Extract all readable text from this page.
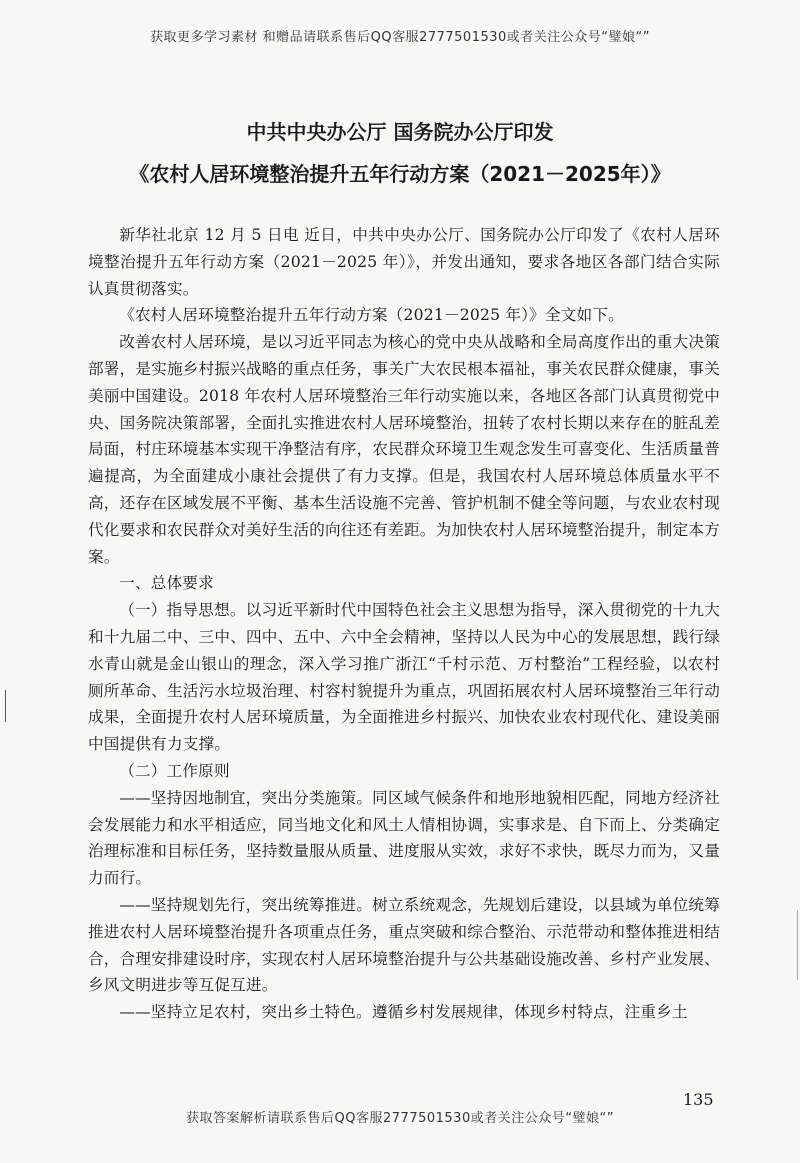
获取更多学习素材 和赠品请联系售后QQ客服2777501530或者关注公众号“璧娘“”
中共中央办公厅 国务院办公厅印发
《农村人居环境整治提升五年行动方案（2021－2025年）》

新华社北京 12 月 5 日电 近日，中共中央办公厅、国务院办公厅印发了《农村人居环境整治提升五年行动方案（2021－2025 年）》，并发出通知，要求各地区各部门结合实际认真贯彻落实。

《农村人居环境整治提升五年行动方案（2021－2025 年）》全文如下。

改善农村人居环境，是以习近平同志为核心的党中央从战略和全局高度作出的重大决策部署，是实施乡村振兴战略的重点任务，事关广大农民根本福祉，事关农民群众健康，事关美丽中国建设。2018 年农村人居环境整治三年行动实施以来，各地区各部门认真贯彻党中央、国务院决策部署，全面扎实推进农村人居环境整治，扭转了农村长期以来存在的脏乱差局面，村庄环境基本实现干净整洁有序，农民群众环境卫生观念发生可喜变化、生活质量普遍提高，为全面建成小康社会提供了有力支撑。但是，我国农村人居环境总体质量水平不高，还存在区域发展不平衡、基本生活设施不完善、管护机制不健全等问题，与农业农村现代化要求和农民群众对美好生活的向往还有差距。为加快农村人居环境整治提升，制定本方案。

一、总体要求

（一）指导思想。以习近平新时代中国特色社会主义思想为指导，深入贯彻党的十九大和十九届二中、三中、四中、五中、六中全会精神，坚持以人民为中心的发展思想，践行绿水青山就是金山银山的理念，深入学习推广浙江“千村示范、万村整治”工程经验，以农村厕所革命、生活污水垃圾治理、村容村貌提升为重点，巩固拓展农村人居环境整治三年行动成果，全面提升农村人居环境质量，为全面推进乡村振兴、加快农业农村现代化、建设美丽中国提供有力支撑。

（二）工作原则

——坚持因地制宜，突出分类施策。同区域气候条件和地形地貌相匹配，同地方经济社会发展能力和水平相适应，同当地文化和风土人情相协调，实事求是、自下而上、分类确定治理标准和目标任务，坚持数量服从质量、进度服从实效，求好不求快，既尽力而为，又量力而行。

——坚持规划先行，突出统筹推进。树立系统观念，先规划后建设，以县域为单位统筹推进农村人居环境整治提升各项重点任务，重点突破和综合整治、示范带动和整体推进相结合，合理安排建设时序，实现农村人居环境整治提升与公共基础设施改善、乡村产业发展、乡风文明进步等互促互进。

——坚持立足农村，突出乡土特色。遵循乡村发展规律，体现乡村特点，注重乡土

135
获取答案解析请联系售后QQ客服2777501530或者关注公众号“璧娘“”
